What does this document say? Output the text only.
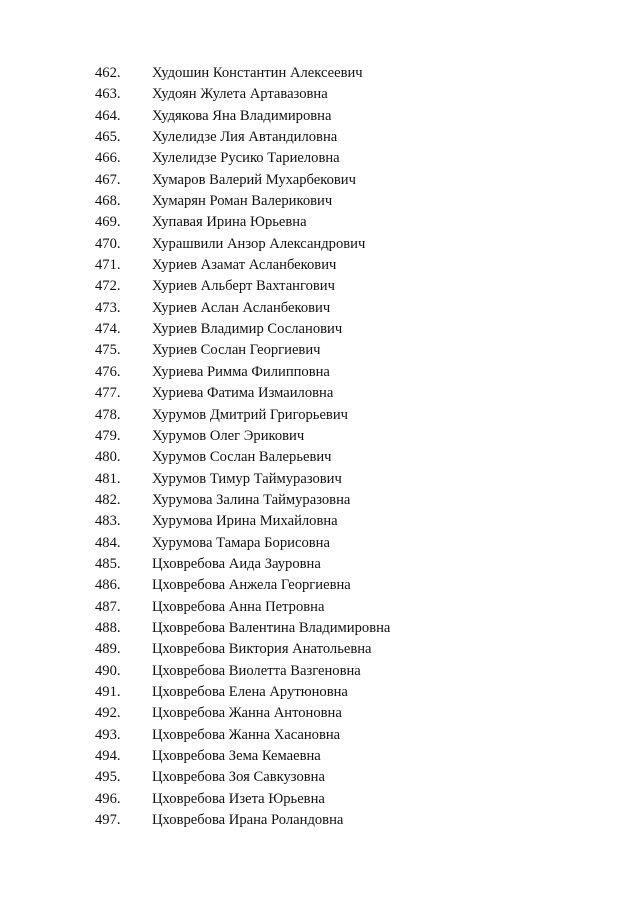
462. Худошин Константин Алексеевич
463. Худоян Жулета Артавазовна
464. Худякова Яна Владимировна
465. Хулелидзе Лия Автандиловна
466. Хулелидзе Русико Тариеловна
467. Хумаров Валерий Мухарбекович
468. Хумарян Роман Валерикович
469. Хупавая Ирина Юрьевна
470. Хурашвили Анзор Александрович
471. Хуриев Азамат Асланбекович
472. Хуриев Альберт Вахтангович
473. Хуриев Аслан Асланбекович
474. Хуриев Владимир Сосланович
475. Хуриев Сослан Георгиевич
476. Хуриева Римма Филипповна
477. Хуриева Фатима Измаиловна
478. Хурумов Дмитрий Григорьевич
479. Хурумов Олег Эрикович
480. Хурумов Сослан Валерьевич
481. Хурумов Тимур Таймуразович
482. Хурумова Залина Таймуразовна
483. Хурумова Ирина Михайловна
484. Хурумова Тамара Борисовна
485. Цховребова Аида Зауровна
486. Цховребова Анжела Георгиевна
487. Цховребова Анна Петровна
488. Цховребова Валентина Владимировна
489. Цховребова Виктория Анатольевна
490. Цховребова Виолетта Вазгеновна
491. Цховребова Елена Арутюновна
492. Цховребова Жанна Антоновна
493. Цховребова Жанна Хасановна
494. Цховребова Зема Кемаевна
495. Цховребова Зоя Савкузовна
496. Цховребова Изета Юрьевна
497. Цховребова Ирана Роландовна
